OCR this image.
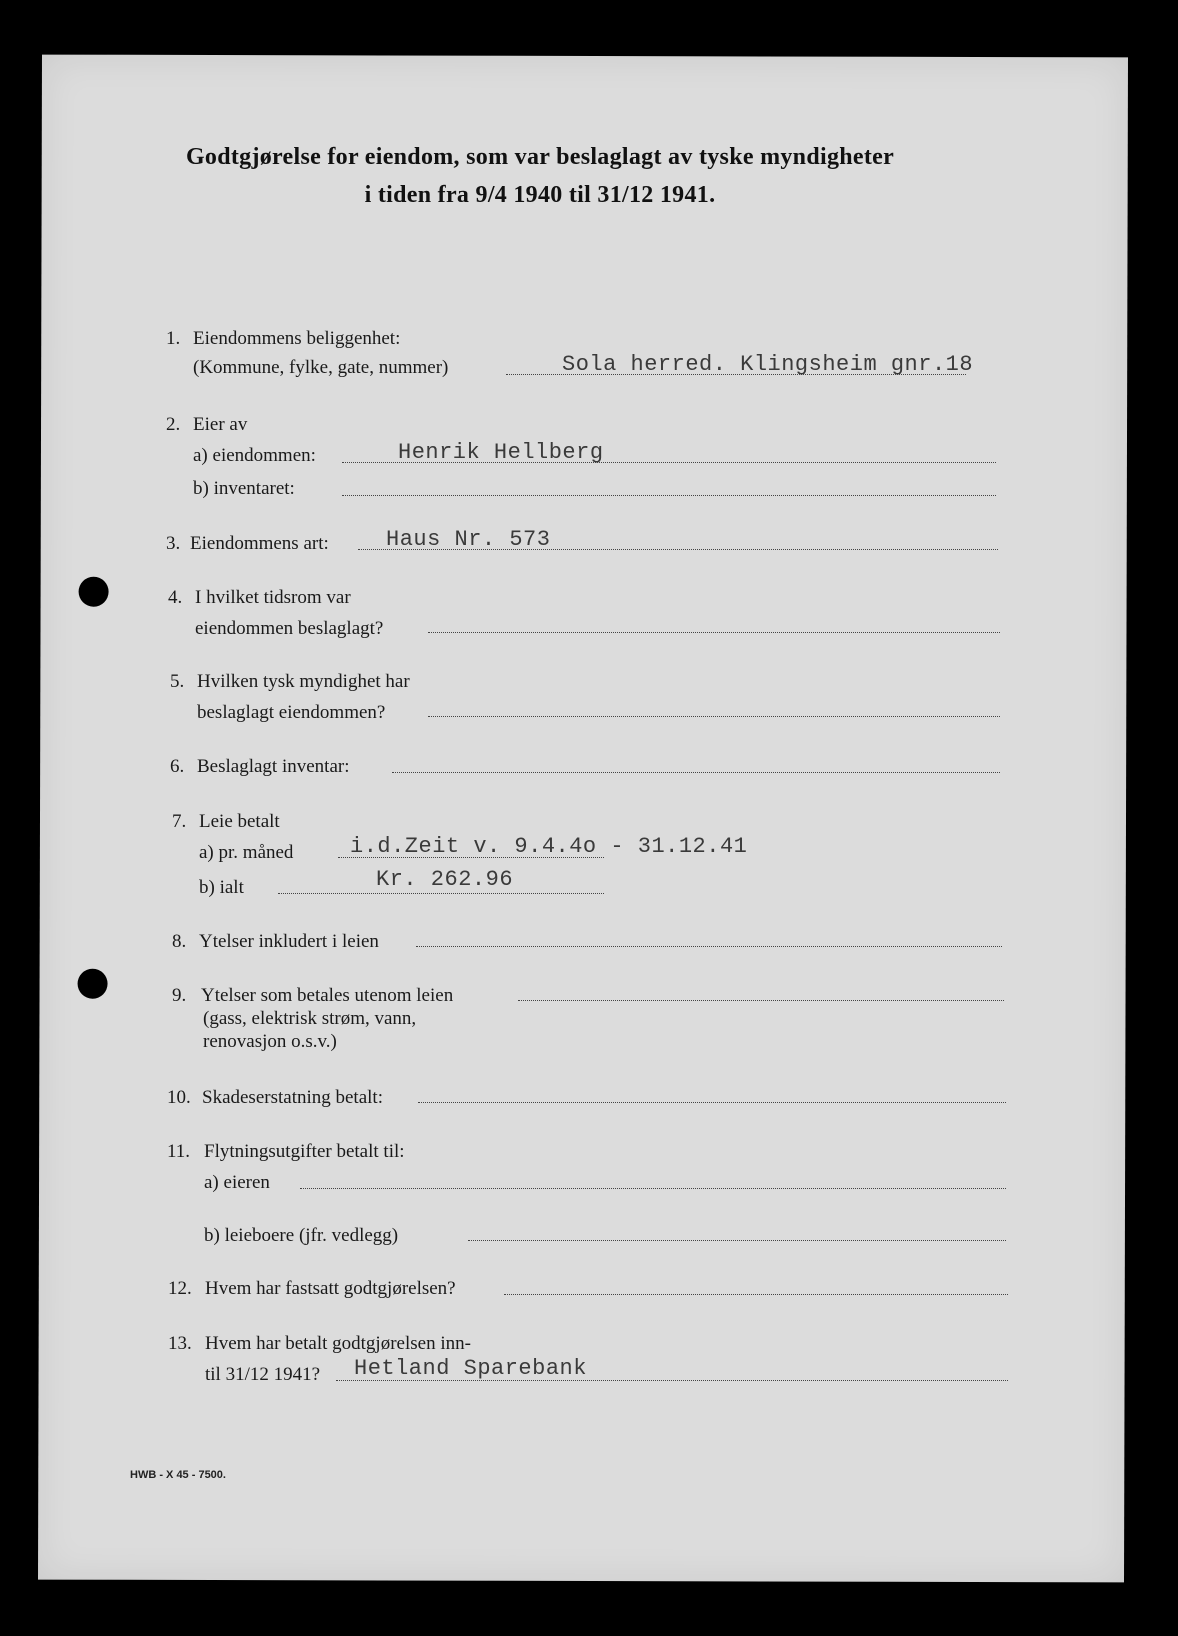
Godtgjørelse for eiendom, som var beslaglagt av tyske myndigheter
i tiden fra 9/4 1940 til 31/12 1941.
1. Eiendommens beliggenhet:
(Kommune, fylke, gate, nummer)	Sola herred. Klingsheim gnr.18
2. Eier av
a) eiendommen:	Henrik Hellberg
b) inventaret:
3. Eiendommens art:	Haus Nr. 573
4. I hvilket tidsrom var
eiendommen beslaglagt?
5. Hvilken tysk myndighet har
beslaglagt eiendommen?
6. Beslaglagt inventar:
7. Leie betalt
a) pr. måned	i.d.Zeit v. 9.4.4o - 31.12.41
b) ialt	Kr. 262.96
8. Ytelser inkludert i leien
9. Ytelser som betales utenom leien
(gass, elektrisk strøm, vann,
renovasjon o.s.v.)
10. Skadeserstatning betalt:
11. Flytningsutgifter betalt til:
a) eieren
b) leieboere (jfr. vedlegg)
12. Hvem har fastsatt godtgjørelsen?
13. Hvem har betalt godtgjørelsen inn-
til 31/12 1941? Hetland Sparebank
HWB - X 45 - 7500.
